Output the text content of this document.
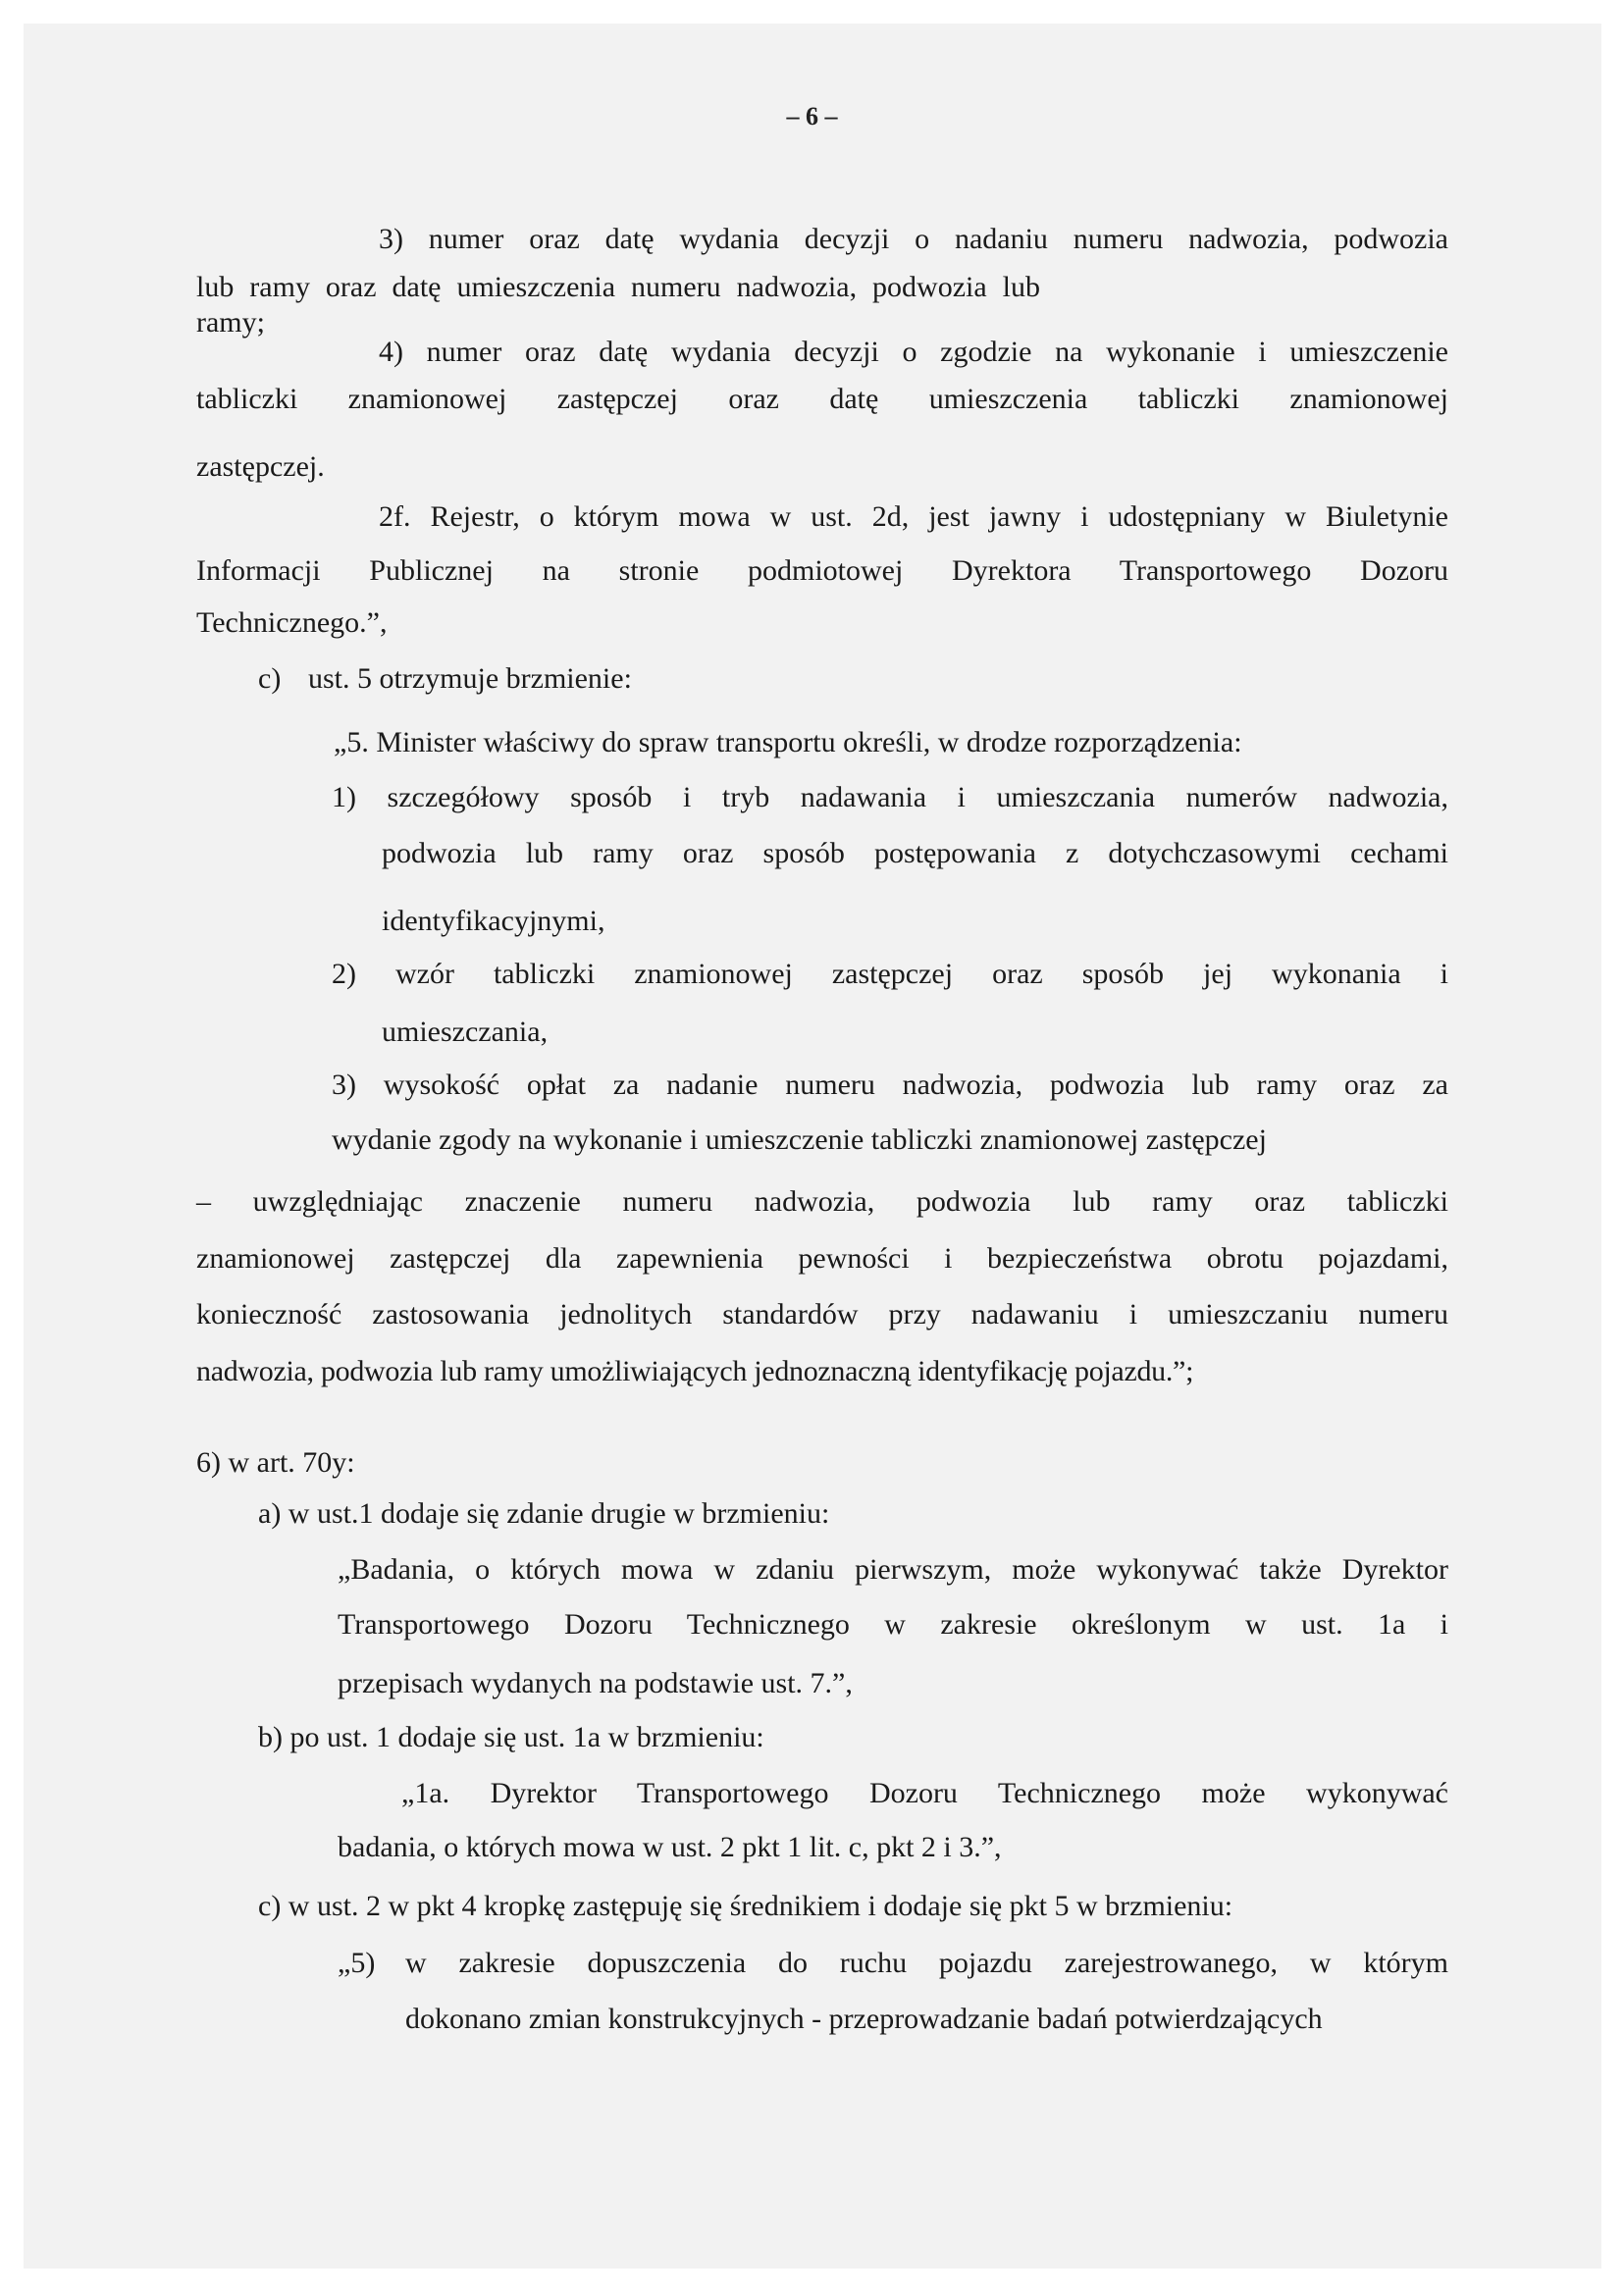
– 6 –
3) numer oraz datę wydania decyzji o nadaniu numeru nadwozia, podwozia
lub ramy oraz datę umieszczenia numeru nadwozia, podwozia lub ramy;
4) numer oraz datę wydania decyzji o zgodzie na wykonanie i umieszczenie
tabliczki znamionowej zastępczej oraz datę umieszczenia tabliczki znamionowej
zastępczej.
2f. Rejestr, o którym mowa w ust. 2d, jest jawny i udostępniany w Biuletynie
Informacji Publicznej na stronie podmiotowej Dyrektora Transportowego Dozoru
Technicznego.”,
c) ust. 5 otrzymuje brzmienie:
„5. Minister właściwy do spraw transportu określi, w drodze rozporządzenia:
1) szczegółowy sposób i tryb nadawania i umieszczania numerów nadwozia,
podwozia lub ramy oraz sposób postępowania z dotychczasowymi cechami
identyfikacyjnymi,
2) wzór tabliczki znamionowej zastępczej oraz sposób jej wykonania i
umieszczania,
3) wysokość opłat za nadanie numeru nadwozia, podwozia lub ramy oraz za
wydanie zgody na wykonanie i umieszczenie tabliczki znamionowej zastępczej
– uwzględniając znaczenie numeru nadwozia, podwozia lub ramy oraz tabliczki
znamionowej zastępczej dla zapewnienia pewności i bezpieczeństwa obrotu pojazdami,
konieczność zastosowania jednolitych standardów przy nadawaniu i umieszczaniu numeru
nadwozia, podwozia lub ramy umożliwiających jednoznaczną identyfikację pojazdu.”;
6) w art. 70y:
a) w ust.1 dodaje się zdanie drugie w brzmieniu:
„Badania, o których mowa w zdaniu pierwszym, może wykonywać także Dyrektor
Transportowego Dozoru Technicznego w zakresie określonym w ust. 1a i
przepisach wydanych na podstawie ust. 7.”,
b) po ust. 1 dodaje się ust. 1a w brzmieniu:
„1a. Dyrektor Transportowego Dozoru Technicznego może wykonywać
badania, o których mowa w ust. 2 pkt 1 lit. c, pkt 2 i 3.”,
c) w ust. 2 w pkt 4 kropkę zastępuję się średnikiem i dodaje się pkt 5 w brzmieniu:
„5) w zakresie dopuszczenia do ruchu pojazdu zarejestrowanego, w którym
dokonano zmian konstrukcyjnych - przeprowadzanie badań potwierdzających
